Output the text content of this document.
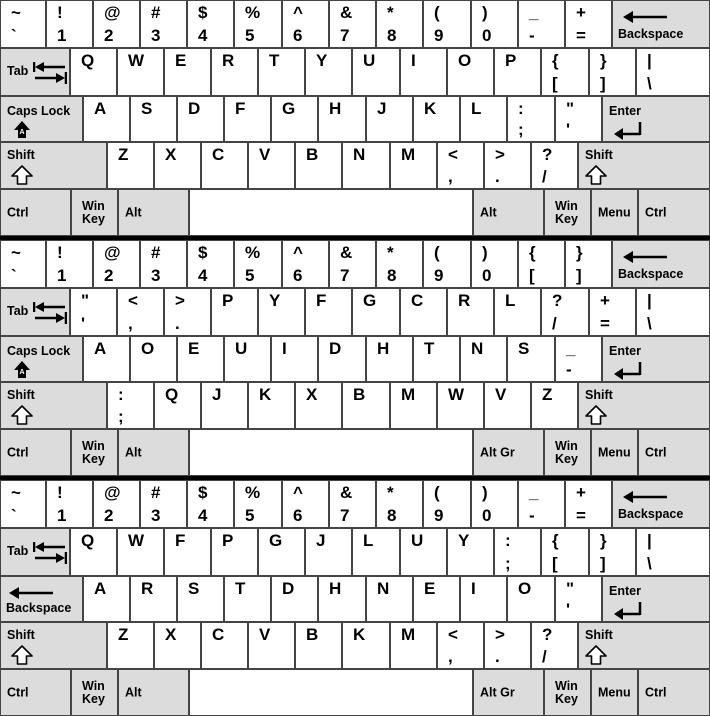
~
`
!
1
@
2
#
3
$
4
%
5
^
6
&
7
*
8
(
9
)
0
_
-
+
=	Backspace
Tab
Q W E R T Y U I O P {
[
}
]
|
\
Caps Lock
A
A S D F G H J K L :
;
"
'
Enter
Shift	Z X C V B N M <
,
>
.
?
/
Shift
Ctrl	Win
Key Alt	Alt	Win
Key Menu Ctrl
~
`
!
1
@
2
#
3
$
4
%
5
^
6
&
7
*
8
(
9
)
0
{
[
}
]	Backspace
Tab
"
'
<
,
>
.
P Y F G C R L ?
/
+
=
|
\
Caps Lock
A
A O E U I D H T N S _
-
Enter
Shift	:
;
Q J K X B M W V Z	Shift
Ctrl	Win
Key Alt	Alt Gr	Win
Key Menu Ctrl
~
`
!
1
@
2
#
3
$
4
%
5
^
6
&
7
*
8
(
9
)
0
_
-
+
=	Backspace
Tab
Q W F P G J L U Y :
;
{
[
}
]
|
\
Backspace
A R S T D H N E I O "
'
Enter
Shift	Z X C V B K M <
,
>
.
?
/
Shift
Ctrl	Win
Key Alt	Alt Gr	Win
Key Menu Ctrl
